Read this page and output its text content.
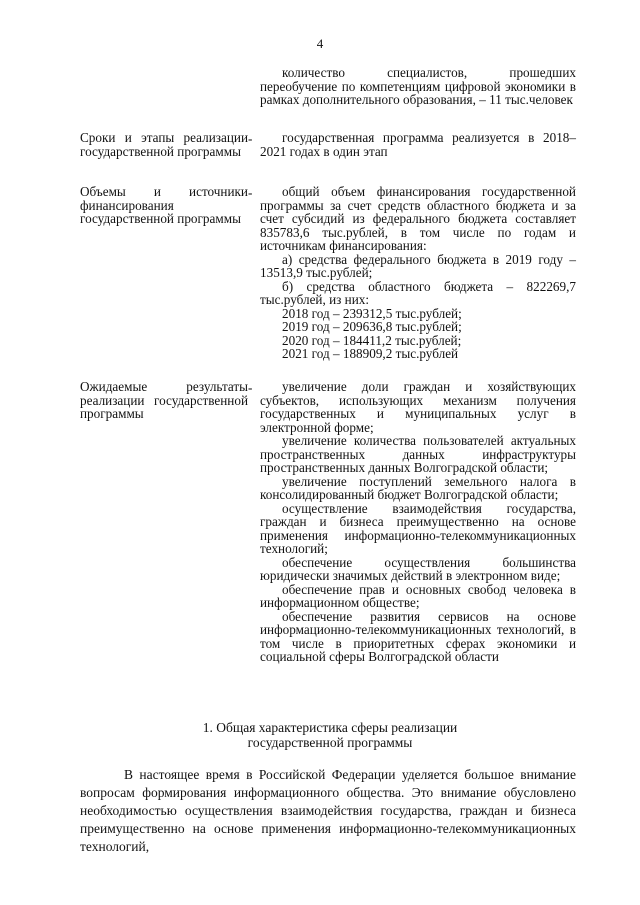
4

количество специалистов, прошедших переобучение по компетенциям цифровой экономики в рамках дополнительного образования, – 11 тыс.человек

Сроки и этапы реализации государственной программы
-	государственная программа реализуется в 2018–2021 годах в один этап

Объемы и источники финансирования государственной программы
-	общий объем финансирования государственной программы за счет средств областного бюджета и за счет субсидий из федерального бюджета составляет 835783,6 тыс.рублей, в том числе по годам и источникам финансирования:

а) средства федерального бюджета в 2019 году – 13513,9 тыс.рублей;

б) средства областного бюджета – 822269,7 тыс.рублей, из них:

2018 год – 239312,5 тыс.рублей;

2019 год – 209636,8 тыс.рублей;

2020 год – 184411,2 тыс.рублей;

2021 год – 188909,2 тыс.рублей

Ожидаемые результаты реализации государственной программы
-	увеличение доли граждан и хозяйствующих субъектов, использующих механизм получения государственных и муниципальных услуг в электронной форме;

увеличение количества пользователей актуальных пространственных данных инфраструктуры пространственных данных Волгоградской области;

увеличение поступлений земельного налога в консолидированный бюджет Волгоградской области;

осуществление взаимодействия государства, граждан и бизнеса преимущественно на основе применения информационно-телекоммуникационных технологий;

обеспечение осуществления большинства юридически значимых действий в электронном виде;

обеспечение прав и основных свобод человека в информационном обществе;

обеспечение развития сервисов на основе информационно-телекоммуникационных технологий, в том числе в приоритетных сферах экономики и социальной сферы Волгоградской области

1. Общая характеристика сферы реализации
государственной программы

В настоящее время в Российской Федерации уделяется большое внимание вопросам формирования информационного общества. Это внимание обусловлено необходимостью осуществления взаимодействия государства, граждан и бизнеса преимущественно на основе применения информационно-телекоммуникационных технологий,
